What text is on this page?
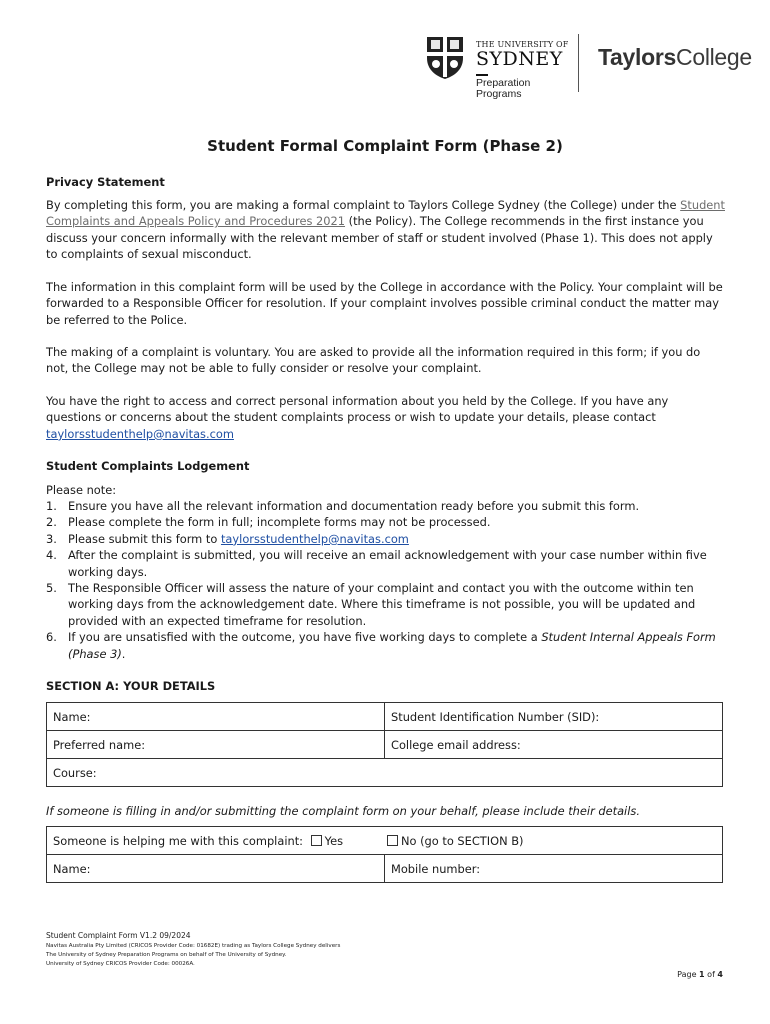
THE UNIVERSITY OF
SYDNEY
Preparation
Programs
TaylorsCollege
Student Formal Complaint Form (Phase 2)
Privacy Statement

By completing this form, you are making a formal complaint to Taylors College Sydney (the College) under the Student Complaints and Appeals Policy and Procedures 2021 (the Policy). The College recommends in the first instance you discuss your concern informally with the relevant member of staff or student involved (Phase 1). This does not apply to complaints of sexual misconduct.

The information in this complaint form will be used by the College in accordance with the Policy. Your complaint will be forwarded to a Responsible Officer for resolution. If your complaint involves possible criminal conduct the matter may be referred to the Police.

The making of a complaint is voluntary. You are asked to provide all the information required in this form; if you do not, the College may not be able to fully consider or resolve your complaint.

You have the right to access and correct personal information about you held by the College. If you have any questions or concerns about the student complaints process or wish to update your details, please contact
taylorsstudenthelp@navitas.com

Student Complaints Lodgement
Please note:
1. Ensure you have all the relevant information and documentation ready before you submit this form.
2. Please complete the form in full; incomplete forms may not be processed.
3. Please submit this form to taylorsstudenthelp@navitas.com
4. After the complaint is submitted, you will receive an email acknowledgement with your case number within five working days.
5. The Responsible Officer will assess the nature of your complaint and contact you with the outcome within ten working days from the acknowledgement date. Where this timeframe is not possible, you will be updated and provided with an expected timeframe for resolution.
6. If you are unsatisfied with the outcome, you have five working days to complete a Student Internal Appeals Form (Phase 3).
SECTION A: YOUR DETAILS
Name:	Student Identification Number (SID):
Preferred name:	College email address:
Course:	
If someone is filling in and/or submitting the complaint form on your behalf, please include their details.
Someone is helping me with this complaint: Yes	No (go to SECTION B)

Name:	Mobile number:
Student Complaint Form V1.2 09/2024
Navitas Australia Pty Limited (CRICOS Provider Code: 01682E) trading as Taylors College Sydney delivers
The University of Sydney Preparation Programs on behalf of The University of Sydney.
University of Sydney CRICOS Provider Code: 00026A.
Page 1 of 4
